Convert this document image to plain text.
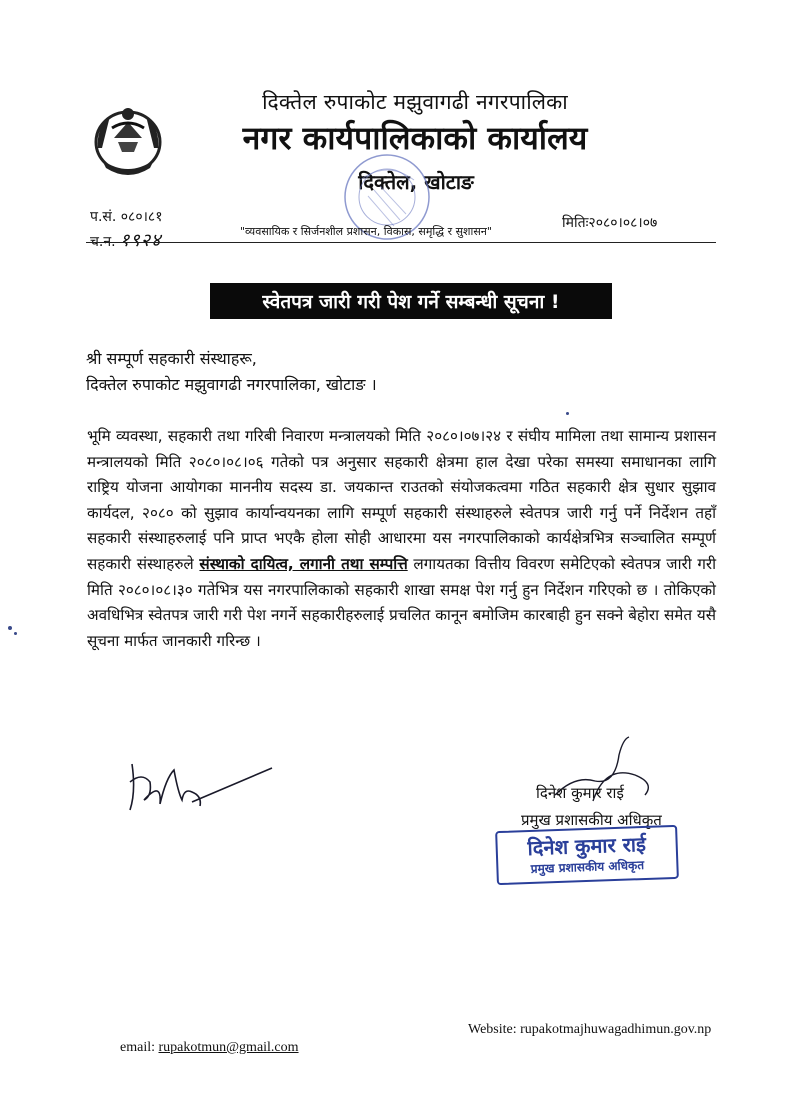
दिक्तेल रुपाकोट मझुवागढी नगरपालिका
नगर कार्यपालिकाको कार्यालय
दिक्तेल, खोटाङ
प.सं. ०८०।८१
च.न. १९२४	"व्यवसायिक र सिर्जनशील प्रशासन, विकास, समृद्धि र सुशासन"
मितिः२०८०।०८।०७
स्वेतपत्र जारी गरी पेश गर्ने सम्बन्धी सूचना !
श्री सम्पूर्ण सहकारी संस्थाहरू,
दिक्तेल रुपाकोट मझुवागढी नगरपालिका, खोटाङ ।
भूमि व्यवस्था, सहकारी तथा गरिबी निवारण मन्त्रालयको मिति २०८०।०७।२४ र संघीय मामिला तथा सामान्य प्रशासन मन्त्रालयको मिति २०८०।०८।०६ गतेको पत्र अनुसार सहकारी क्षेत्रमा हाल देखा परेका समस्या समाधानका लागि राष्ट्रिय योजना आयोगका माननीय सदस्य डा. जयकान्त राउतको संयोजकत्वमा गठित सहकारी क्षेत्र सुधार सुझाव कार्यदल, २०८० को सुझाव कार्यान्वयनका लागि सम्पूर्ण सहकारी संस्थाहरुले स्वेतपत्र जारी गर्नु पर्ने निर्देशन तहाँ सहकारी संस्थाहरुलाई पनि प्राप्त भएकै होला सोही आधारमा यस नगरपालिकाको कार्यक्षेत्रभित्र सञ्चालित सम्पूर्ण सहकारी संस्थाहरुले संस्थाको दायित्व, लगानी तथा सम्पत्ति लगायतका वित्तीय विवरण समेटिएको स्वेतपत्र जारी गरी मिति २०८०।०८।३० गतेभित्र यस नगरपालिकाको सहकारी शाखा समक्ष पेश गर्नु हुन निर्देशन गरिएको छ । तोकिएको अवधिभित्र स्वेतपत्र जारी गरी पेश नगर्ने सहकारीहरुलाई प्रचलित कानून बमोजिम कारबाही हुन सक्ने बेहोरा समेत यसै सूचना मार्फत जानकारी गरिन्छ ।
दिनेश कुमार राई
प्रमुख प्रशासकीय अधिकृत
दिनेश कुमार राई
प्रमुख प्रशासकीय अधिकृत
Website: rupakotmajhuwagadhimun.gov.np
email: rupakotmun@gmail.com
